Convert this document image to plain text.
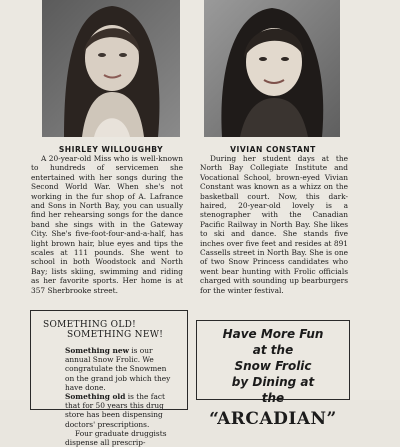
SHIRLEY WILLOUGHBY	VIVIAN CONSTANT
A 20-year-old Miss who is well-known to hundreds of servicemen she entertained with her songs during the Second World War. When she's not working in the fur shop of A. Lafrance and Sons in North Bay, you can usually find her rehearsing songs for the dance band she sings with in the Gateway City. She's five-foot-four-and-a-half, has light brown hair, blue eyes and tips the scales at 111 pounds. She went to school in both Woodstock and North Bay; lists skiing, swimming and riding as her favorite sports. Her home is at 357 Sherbrooke street.
During her student days at the North Bay Collegiate Institute and Vocational School, brown-eyed Vivian Constant was known as a whizz on the basketball court. Now, this dark-haired, 20-year-old lovely is a stenographer with the Canadian Pacific Railway in North Bay. She likes to ski and dance. She stands five inches over five feet and resides at 891 Cassells street in North Bay. She is one of two Snow Princess candidates who went bear hunting with Frolic officials charged with sounding up bearburgers for the winter festival.
SOMETHING OLD!
SOMETHING NEW!

Something new is our annual Snow Frolic. We congratulate the Snowmen on the grand job which they have done.

Something old is the fact that for 50 years this drug store has been dispensing doctors' prescriptions.

Four graduate druggists dispense all prescrip-

Have More Fun
at the
Snow Frolic
by Dining at
the
“ARCADIAN”
